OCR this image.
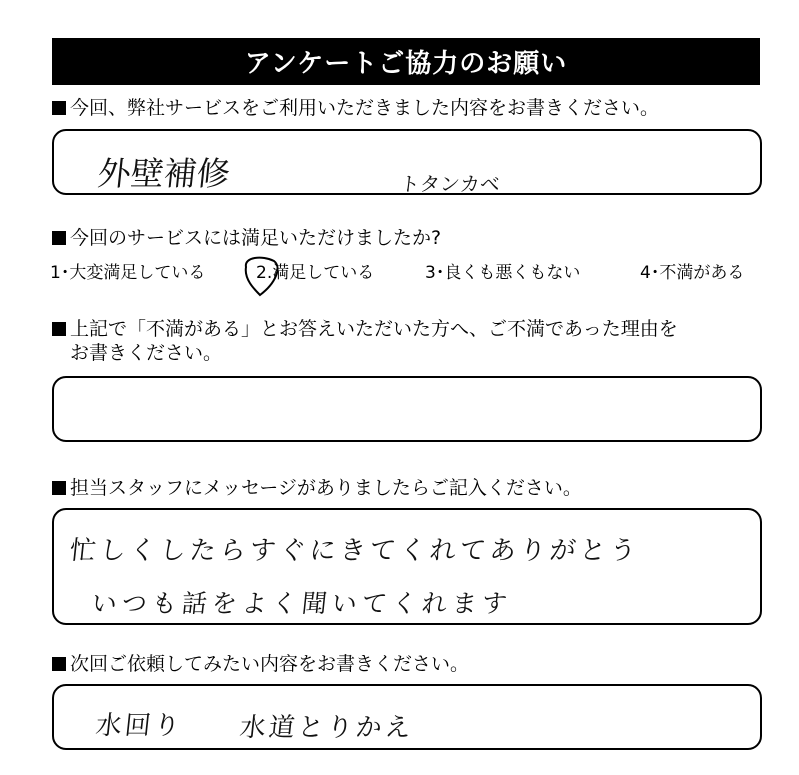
アンケートご協力のお願い
今回、弊社サービスをご利用いただきました内容をお書きください。
外壁補修	トタンカベ
今回のサービスには満足いただけましたか?
1･大変満足している	2.満足している	3･良くも悪くもない	4･不満がある
上記で「不満がある」とお答えいただいた方へ、ご不満であった理由を
お書きください。
担当スタッフにメッセージがありましたらご記入ください。
忙しくしたらすぐにきてくれてありがとう
いつも話をよく聞いてくれます
次回ご依頼してみたい内容をお書きください。
水回り 水道とりかえ
